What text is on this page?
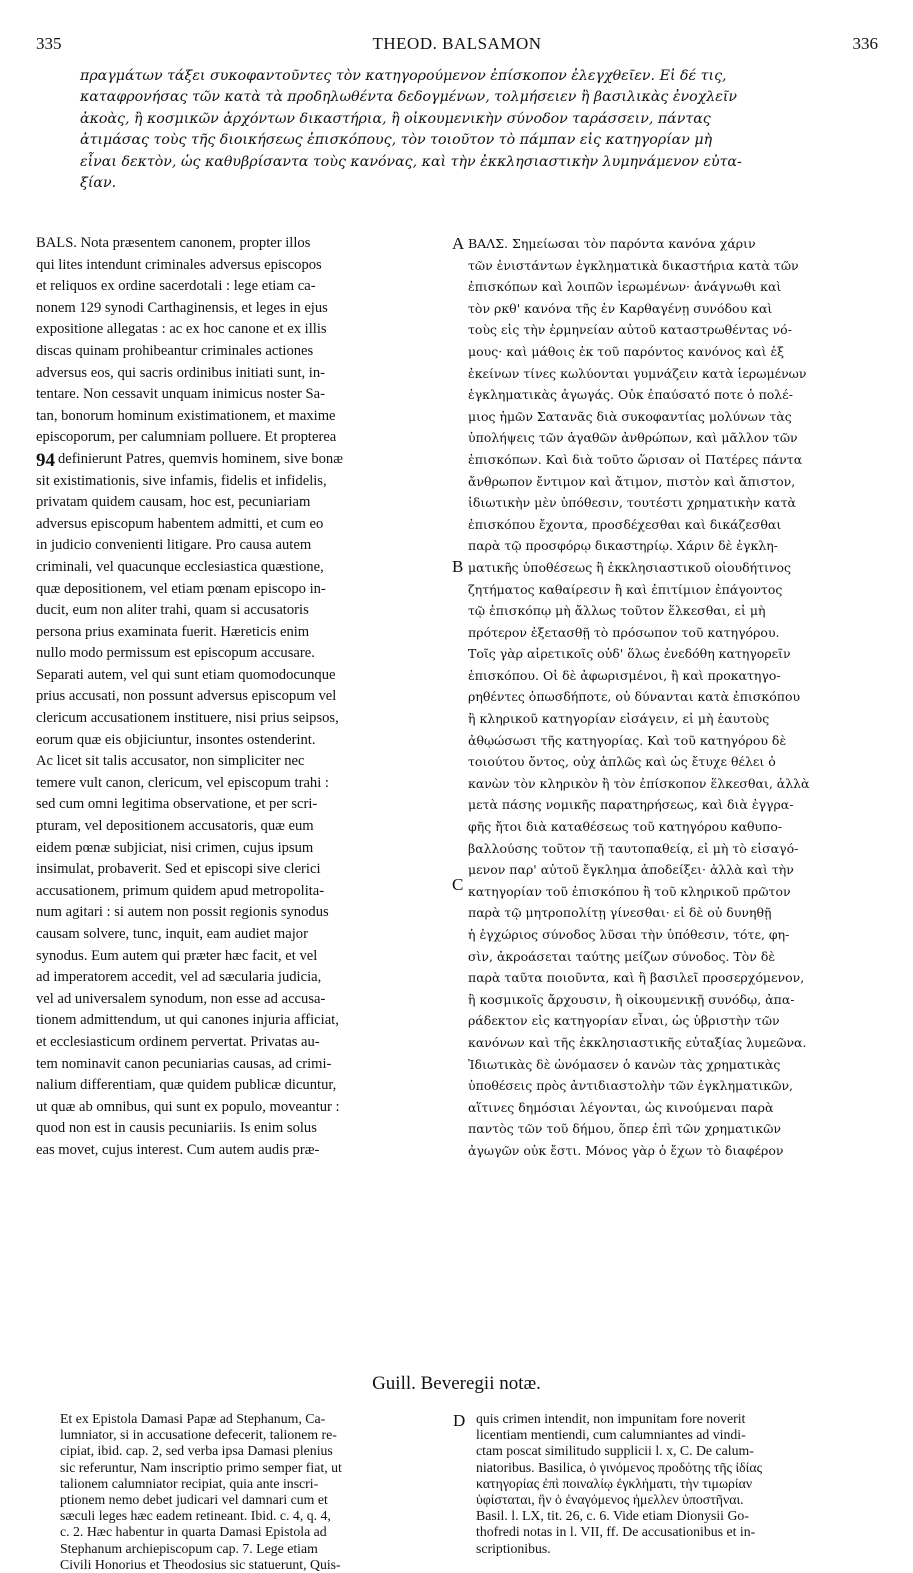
335	THEOD. BALSAMON	336
πραγμάτων τάξει συκοφαντοῦντες τὸν κατηγορούμενον ἐπίσκοπον ἐλεγχθεῖεν. Εἰ δέ τις,
καταφρονήσας τῶν κατὰ τὰ προδηλωθέντα δεδογμένων, τολμήσειεν ἢ βασιλικὰς ἐνοχλεῖν
ἀκοὰς, ἢ κοσμικῶν ἀρχόντων δικαστήρια, ἢ οἰκουμενικὴν σύνοδον ταράσσειν, πάντας
ἀτιμάσας τοὺς τῆς διοικήσεως ἐπισκόπους, τὸν τοιοῦτον τὸ πάμπαν εἰς κατηγορίαν μὴ
εἶναι δεκτὸν, ὡς καθυβρίσαντα τοὺς κανόνας, καὶ τὴν ἐκκλησιαστικὴν λυμηνάμενον εὐτα-
ξίαν.
BALS. Nota præsentem canonem, propter illos
qui lites intendunt criminales adversus episcopos
et reliquos ex ordine sacerdotali : lege etiam ca-
nonem 129 synodi Carthaginensis, et leges in ejus
expositione allegatas : ac ex hoc canone et ex illis
discas quinam prohibeantur criminales actiones
adversus eos, qui sacris ordinibus initiati sunt, in-
tentare. Non cessavit unquam inimicus noster Sa-
tan, bonorum hominum existimationem, et maxime
episcoporum, per calumniam polluere. Et propterea
definierunt Patres, quemvis hominem, sive bonæ
sit existimationis, sive infamis, fidelis et infidelis,
privatam quidem causam, hoc est, pecuniariam
adversus episcopum habentem admitti, et cum eo
in judicio convenienti litigare. Pro causa autem
criminali, vel quacunque ecclesiastica quæstione,
quæ depositionem, vel etiam pœnam episcopo in-
ducit, eum non aliter trahi, quam si accusatoris
persona prius examinata fuerit. Hæreticis enim
nullo modo permissum est episcopum accusare.
Separati autem, vel qui sunt etiam quomodocunque
prius accusati, non possunt adversus episcopum vel
clericum accusationem instituere, nisi prius seipsos,
eorum quæ eis objiciuntur, insontes ostenderint.
Ac licet sit talis accusator, non simpliciter nec
temere vult canon, clericum, vel episcopum trahi :
sed cum omni legitima observatione, et per scri-
pturam, vel depositionem accusatoris, quæ eum
eidem pœnæ subjiciat, nisi crimen, cujus ipsum
insimulat, probaverit. Sed et episcopi sive clerici
accusationem, primum quidem apud metropolita-
num agitari : si autem non possit regionis synodus
causam solvere, tunc, inquit, eam audiet major
synodus. Eum autem qui præter hæc facit, et vel
ad imperatorem accedit, vel ad sæcularia judicia,
vel ad universalem synodum, non esse ad accusa-
tionem admittendum, ut qui canones injuria afficiat,
et ecclesiasticum ordinem pervertat. Privatas au-
tem nominavit canon pecuniarias causas, ad crimi-
nalium differentiam, quæ quidem publicæ dicuntur,
ut quæ ab omnibus, qui sunt ex populo, moveantur :
quod non est in causis pecuniariis. Is enim solus
eas movet, cujus interest. Cum autem audis præ-
ΒΑΛΣ. Σημείωσαι τὸν παρόντα κανόνα χάριν
τῶν ἐνιστάντων ἐγκληματικὰ δικαστήρια κατὰ τῶν
ἐπισκόπων καὶ λοιπῶν ἱερωμένων· ἀνάγνωθι καὶ
τὸν ρκθ' κανόνα τῆς ἐν Καρθαγένῃ συνόδου καὶ
τοὺς εἰς τὴν ἑρμηνείαν αὐτοῦ καταστρωθέντας νό-
μους· καὶ μάθοις ἐκ τοῦ παρόντος κανόνος καὶ ἐξ
ἐκείνων τίνες κωλύονται γυμνάζειν κατὰ ἱερωμένων
ἐγκληματικὰς ἀγωγάς. Οὐκ ἐπαύσατό ποτε ὁ πολέ-
μιος ἡμῶν Σατανᾶς διὰ συκοφαντίας μολύνων τὰς
ὑπολήψεις τῶν ἀγαθῶν ἀνθρώπων, καὶ μᾶλλον τῶν
ἐπισκόπων. Καὶ διὰ τοῦτο ὥρισαν οἱ Πατέρες πάντα
ἄνθρωπον ἔντιμον καὶ ἄτιμον, πιστὸν καὶ ἄπιστον,
ἰδιωτικὴν μὲν ὑπόθεσιν, τουτέστι χρηματικὴν κατὰ
ἐπισκόπου ἔχοντα, προσδέχεσθαι καὶ δικάζεσθαι
παρὰ τῷ προσφόρῳ δικαστηρίῳ. Χάριν δὲ ἐγκλη-
ματικῆς ὑποθέσεως ἢ ἐκκλησιαστικοῦ οἱουδήτινος
ζητήματος καθαίρεσιν ἢ καὶ ἐπιτίμιον ἐπάγοντος
τῷ ἐπισκόπῳ μὴ ἄλλως τοῦτον ἕλκεσθαι, εἰ μὴ
πρότερον ἐξετασθῇ τὸ πρόσωπον τοῦ κατηγόρου.
Τοῖς γὰρ αἱρετικοῖς οὐδ' ὅλως ἐνεδόθη κατηγορεῖν
ἐπισκόπου. Οἱ δὲ ἀφωρισμένοι, ἢ καὶ προκατηγο-
ρηθέντες ὁπωσδήποτε, οὐ δύνανται κατὰ ἐπισκόπου
ἢ κληρικοῦ κατηγορίαν εἰσάγειν, εἰ μὴ ἑαυτοὺς
ἀθῳώσωσι τῆς κατηγορίας. Καὶ τοῦ κατηγόρου δὲ
τοιούτου ὄντος, οὐχ ἁπλῶς καὶ ὡς ἔτυχε θέλει ὁ
κανὼν τὸν κληρικὸν ἢ τὸν ἐπίσκοπον ἕλκεσθαι, ἀλλὰ
μετὰ πάσης νομικῆς παρατηρήσεως, καὶ διὰ ἐγγρα-
φῆς ἤτοι διὰ καταθέσεως τοῦ κατηγόρου καθυπο-
βαλλούσης τοῦτον τῇ ταυτοπαθείᾳ, εἰ μὴ τὸ εἰσαγό-
μενον παρ' αὐτοῦ ἔγκλημα ἀποδείξει· ἀλλὰ καὶ τὴν
κατηγορίαν τοῦ ἐπισκόπου ἢ τοῦ κληρικοῦ πρῶτον
παρὰ τῷ μητροπολίτῃ γίνεσθαι· εἰ δὲ οὐ δυνηθῇ
ἡ ἐγχώριος σύνοδος λῦσαι τὴν ὑπόθεσιν, τότε, φη-
σὶν, ἀκροάσεται ταύτης μείζων σύνοδος. Τὸν δὲ
παρὰ ταῦτα ποιοῦντα, καὶ ἢ βασιλεῖ προσερχόμενον,
ἢ κοσμικοῖς ἄρχουσιν, ἢ οἰκουμενικῇ συνόδῳ, ἀπα-
ράδεκτον εἰς κατηγορίαν εἶναι, ὡς ὑβριστὴν τῶν
κανόνων καὶ τῆς ἐκκλησιαστικῆς εὐταξίας λυμεῶνα.
Ἰδιωτικὰς δὲ ὠνόμασεν ὁ κανὼν τὰς χρηματικὰς
ὑποθέσεις πρὸς ἀντιδιαστολὴν τῶν ἐγκληματικῶν,
αἵτινες δημόσιαι λέγονται, ὡς κινούμεναι παρὰ
παντὸς τῶν τοῦ δήμου, ὅπερ ἐπὶ τῶν χρηματικῶν
ἀγωγῶν οὐκ ἔστι. Μόνος γὰρ ὁ ἔχων τὸ διαφέρον
A
B
C
D
94
Guill. Beveregii notæ.
Et ex Epistola Damasi Papæ ad Stephanum, Ca-
lumniator, si in accusatione defecerit, talionem re-
cipiat, ibid. cap. 2, sed verba ipsa Damasi plenius
sic referuntur, Nam inscriptio primo semper fiat, ut
talionem calumniator recipiat, quia ante inscri-
ptionem nemo debet judicari vel damnari cum et
sæculi leges hæc eadem retineant. Ibid. c. 4, q. 4,
c. 2. Hæc habentur in quarta Damasi Epistola ad
Stephanum archiepiscopum cap. 7. Lege etiam
Civili Honorius et Theodosius sic statuerunt, Quis-
quis crimen intendit, non impunitam fore noverit
licentiam mentiendi, cum calumniantes ad vindi-
ctam poscat similitudo supplicii l. x, C. De calum-
niatoribus. Basilica, ὁ γινόμενος προδότης τῆς ἰδίας
κατηγορίας ἐπὶ ποιναλίῳ ἐγκλήματι, τὴν τιμωρίαν
ὑφίσταται, ἣν ὁ ἐναγόμενος ἠμελλεν ὑποστῆναι.
Basil. l. LX, tit. 26, c. 6. Vide etiam Dionysii Go-
thofredi notas in l. VII, ff. De accusationibus et in-
scriptionibus.
